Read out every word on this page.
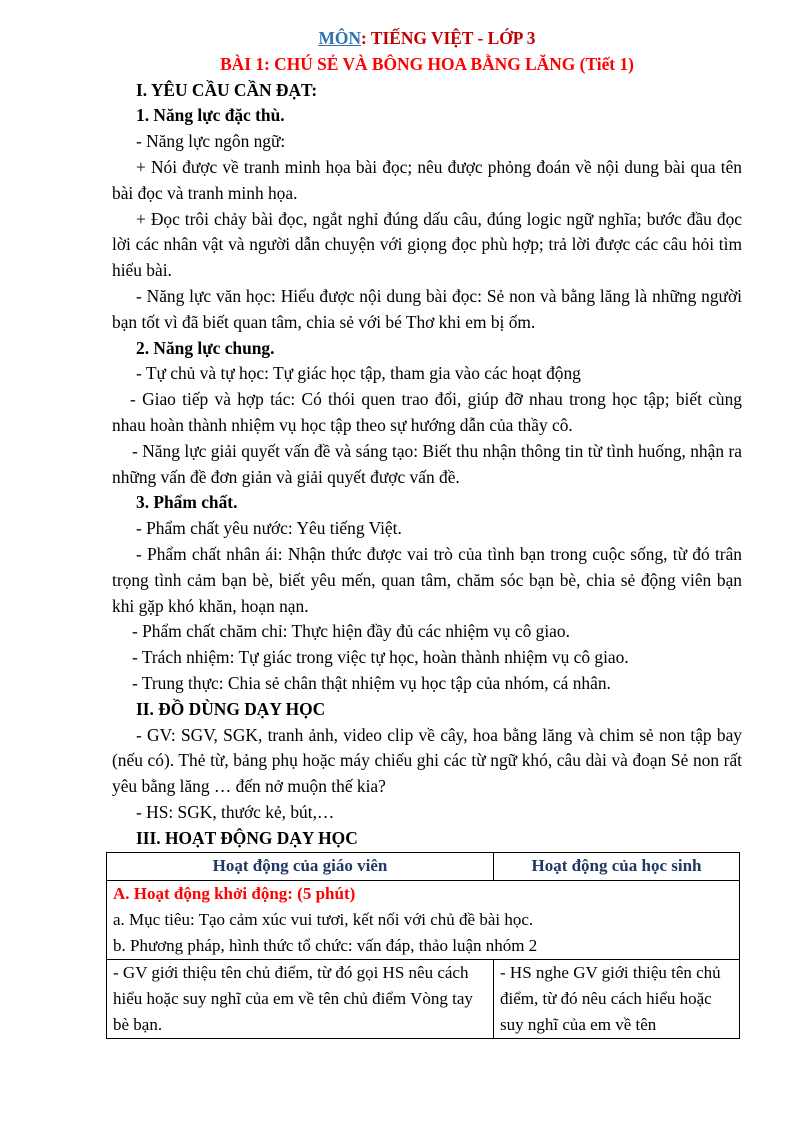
MÔN: TIẾNG VIỆT - LỚP 3
BÀI 1: CHÚ SẺ VÀ BÔNG HOA BẰNG LĂNG (Tiết 1)
I. YÊU CẦU CẦN ĐẠT:
1. Năng lực đặc thù.

- Năng lực ngôn ngữ:

+ Nói được về tranh minh họa bài đọc; nêu được phỏng đoán về nội dung bài qua tên bài đọc và tranh minh họa.

+ Đọc trôi chảy bài đọc, ngắt nghỉ đúng dấu câu, đúng logic ngữ nghĩa; bước đầu đọc lời các nhân vật và người dẫn chuyện với giọng đọc phù hợp; trả lời được các câu hỏi tìm hiểu bài.

- Năng lực văn học: Hiểu được nội dung bài đọc: Sẻ non và bằng lăng là những người bạn tốt vì đã biết quan tâm, chia sẻ với bé Thơ khi em bị ốm.

2. Năng lực chung.

- Tự chủ và tự học: Tự giác học tập, tham gia vào các hoạt động

- Giao tiếp và hợp tác: Có thói quen trao đổi, giúp đỡ nhau trong học tập; biết cùng nhau hoàn thành nhiệm vụ học tập theo sự hướng dẫn của thầy cô.

- Năng lực giải quyết vấn đề và sáng tạo: Biết thu nhận thông tin từ tình huống, nhận ra những vấn đề đơn giản và giải quyết được vấn đề.

3. Phẩm chất.

- Phẩm chất yêu nước: Yêu tiếng Việt.

- Phẩm chất nhân ái: Nhận thức được vai trò của tình bạn trong cuộc sống, từ đó trân trọng tình cảm bạn bè, biết yêu mến, quan tâm, chăm sóc bạn bè, chia sẻ động viên bạn khi gặp khó khăn, hoạn nạn.

- Phẩm chất chăm chỉ: Thực hiện đầy đủ các nhiệm vụ cô giao.

- Trách nhiệm: Tự giác trong việc tự học, hoàn thành nhiệm vụ cô giao.

- Trung thực: Chia sẻ chân thật nhiệm vụ học tập của nhóm, cá nhân.

II. ĐỒ DÙNG DẠY HỌC

- GV: SGV, SGK, tranh ảnh, video clip về cây, hoa bằng lăng và chim sẻ non tập bay (nếu có). Thẻ từ, bảng phụ hoặc máy chiếu ghi các từ ngữ khó, câu dài và đoạn Sẻ non rất yêu bằng lăng … đến nở muộn thế kia?

- HS: SGK, thước kẻ, bút,…

III. HOẠT ĐỘNG DẠY HỌC
Hoạt động của giáo viên	Hoạt động của học sinh

A. Hoạt động khởi động: (5 phút)
a. Mục tiêu: Tạo cảm xúc vui tươi, kết nối với chủ đề bài học.
b. Phương pháp, hình thức tổ chức: vấn đáp, thảo luận nhóm 2	

- GV giới thiệu tên chủ điểm, từ đó gọi HS nêu cách hiểu hoặc suy nghĩ của em về tên chủ điểm Vòng tay bè bạn.	- HS nghe GV giới thiệu tên chủ điểm, từ đó nêu cách hiểu hoặc suy nghĩ của em về tên
